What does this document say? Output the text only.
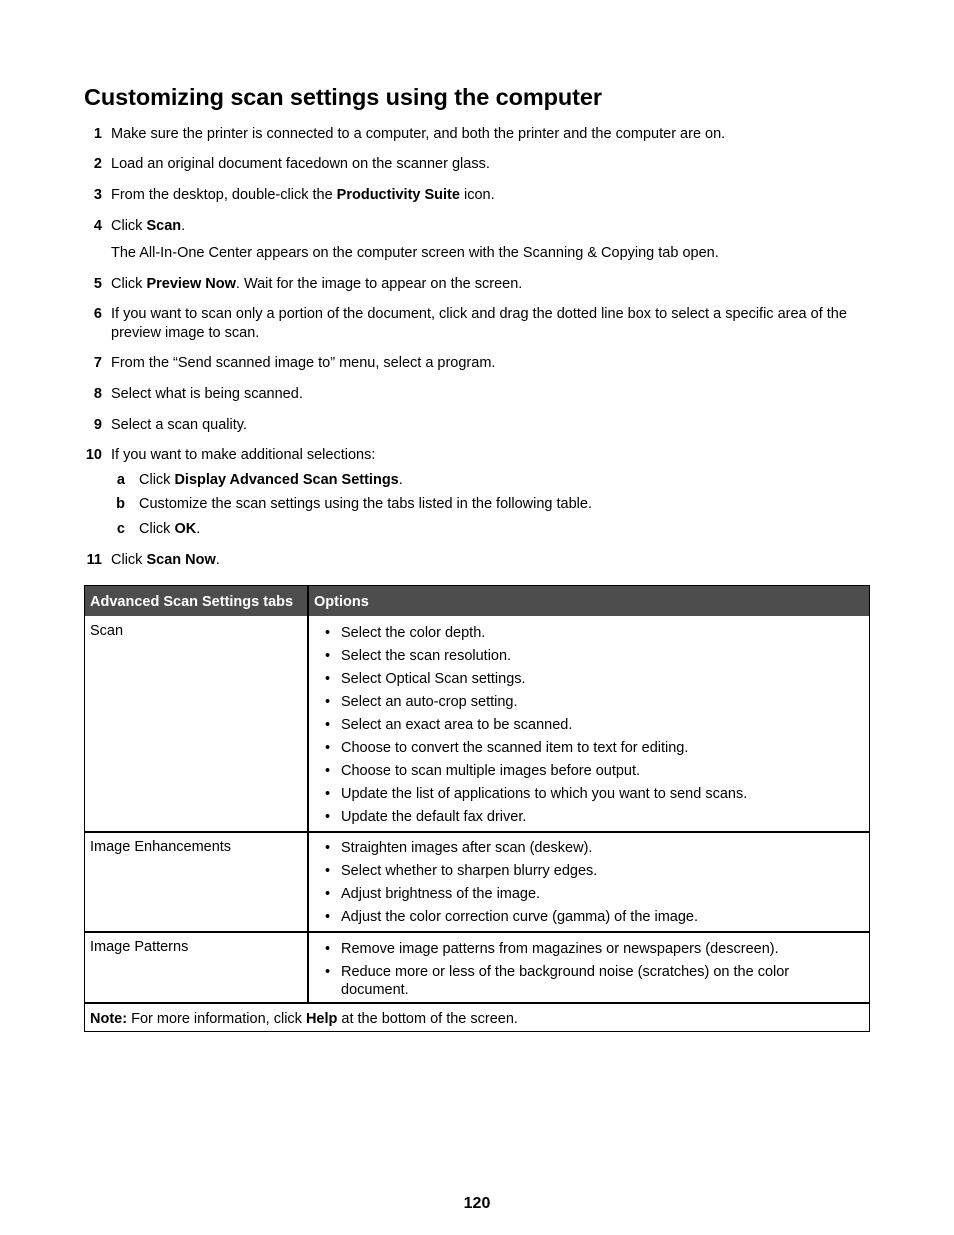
Customizing scan settings using the computer
1 Make sure the printer is connected to a computer, and both the printer and the computer are on.
2 Load an original document facedown on the scanner glass.
3 From the desktop, double-click the Productivity Suite icon.
4 Click Scan.
The All-In-One Center appears on the computer screen with the Scanning & Copying tab open.
5 Click Preview Now. Wait for the image to appear on the screen.
6 If you want to scan only a portion of the document, click and drag the dotted line box to select a specific area of the preview image to scan.
7 From the “Send scanned image to” menu, select a program.
8 Select what is being scanned.
9 Select a scan quality.
10 If you want to make additional selections:
a Click Display Advanced Scan Settings.
b Customize the scan settings using the tabs listed in the following table.
c Click OK.
11 Click Scan Now.
Advanced Scan Settings tabs Options
Scan	• Select the color depth.
• Select the scan resolution.
• Select Optical Scan settings.
• Select an auto-crop setting.
• Select an exact area to be scanned.
• Choose to convert the scanned item to text for editing.
• Choose to scan multiple images before output.
• Update the list of applications to which you want to send scans.
• Update the default fax driver.
Image Enhancements	• Straighten images after scan (deskew).
• Select whether to sharpen blurry edges.
• Adjust brightness of the image.
• Adjust the color correction curve (gamma) of the image.
Image Patterns	• Remove image patterns from magazines or newspapers (descreen).
• Reduce more or less of the background noise (scratches) on the color document.
Note: For more information, click Help at the bottom of the screen.
120
